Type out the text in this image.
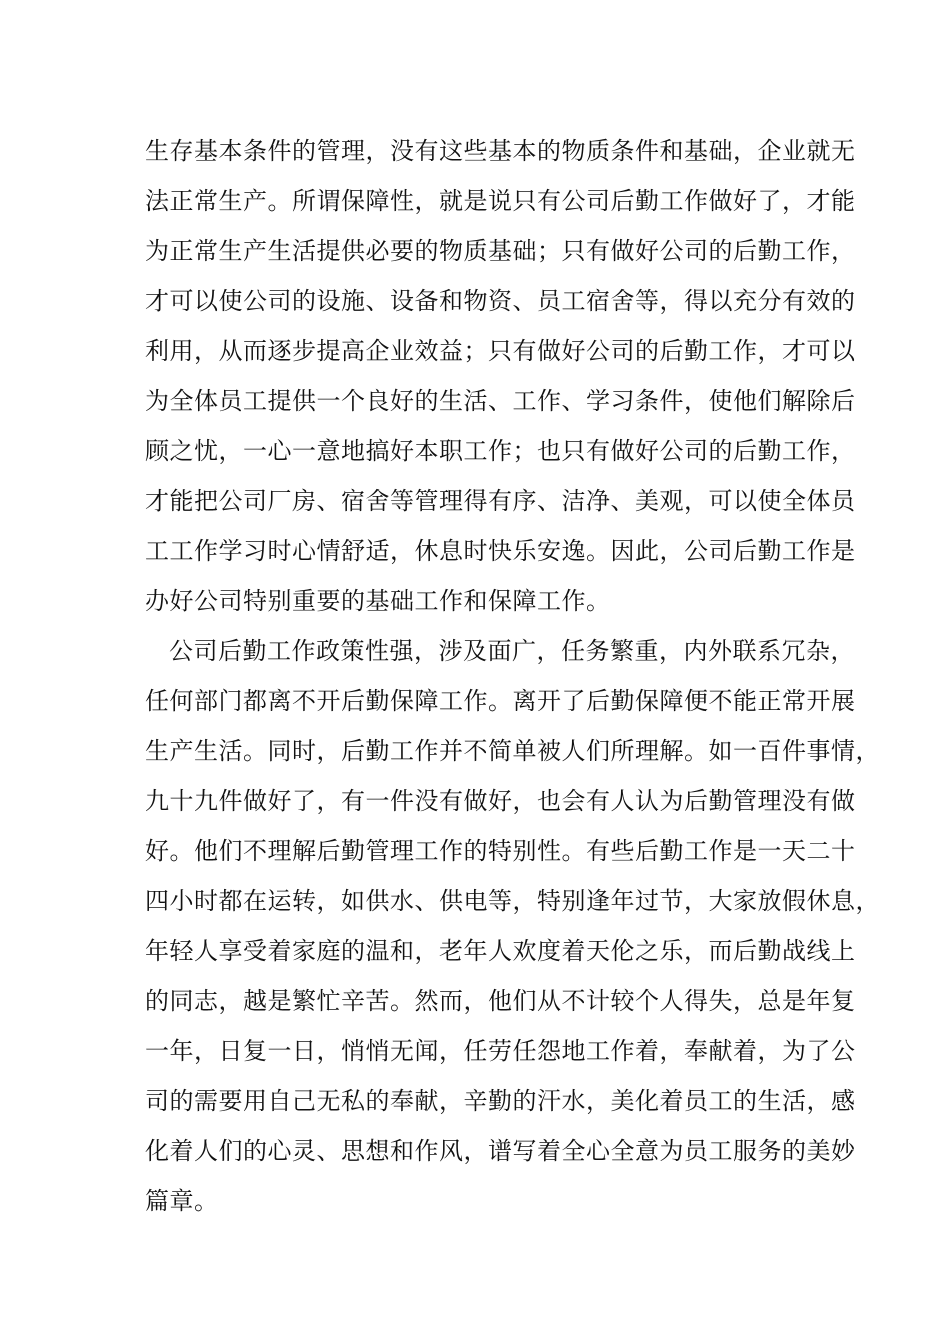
生存基本条件的管理，没有这些基本的物质条件和基础，企业就无
法正常生产。所谓保障性，就是说只有公司后勤工作做好了，才能
为正常生产生活提供必要的物质基础；只有做好公司的后勤工作，
才可以使公司的设施、设备和物资、员工宿舍等，得以充分有效的
利用，从而逐步提高企业效益；只有做好公司的后勤工作，才可以
为全体员工提供一个良好的生活、工作、学习条件，使他们解除后
顾之忧，一心一意地搞好本职工作；也只有做好公司的后勤工作，
才能把公司厂房、宿舍等管理得有序、洁净、美观，可以使全体员
工工作学习时心情舒适，休息时快乐安逸。因此，公司后勤工作是
办好公司特别重要的基础工作和保障工作。
公司后勤工作政策性强，涉及面广，任务繁重，内外联系冗杂，
任何部门都离不开后勤保障工作。离开了后勤保障便不能正常开展
生产生活。同时，后勤工作并不简单被人们所理解。如一百件事情，
九十九件做好了，有一件没有做好，也会有人认为后勤管理没有做
好。他们不理解后勤管理工作的特别性。有些后勤工作是一天二十
四小时都在运转，如供水、供电等，特别逢年过节，大家放假休息，
年轻人享受着家庭的温和，老年人欢度着天伦之乐，而后勤战线上
的同志，越是繁忙辛苦。然而，他们从不计较个人得失，总是年复
一年，日复一日，悄悄无闻，任劳任怨地工作着，奉献着，为了公
司的需要用自己无私的奉献，辛勤的汗水，美化着员工的生活，感
化着人们的心灵、思想和作风，谱写着全心全意为员工服务的美妙
篇章。
